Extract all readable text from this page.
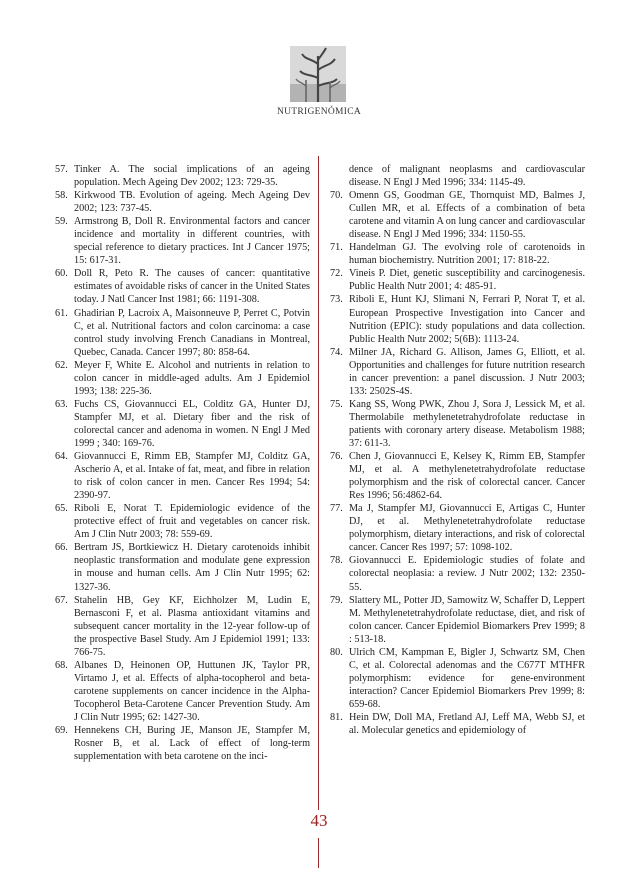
NUTRIGENÓMICA
57. Tinker A. The social implications of an ageing population. Mech Ageing Dev 2002; 123: 729-35.
58. Kirkwood TB. Evolution of ageing. Mech Ageing Dev 2002; 123: 737-45.
59. Armstrong B, Doll R. Environmental factors and cancer incidence and mortality in different countries, with special reference to dietary practices. Int J Cancer 1975; 15: 617-31.
60. Doll R, Peto R. The causes of cancer: quantitative estimates of avoidable risks of cancer in the United States today. J Natl Cancer Inst 1981; 66: 1191-308.
61. Ghadirian P, Lacroix A, Maisonneuve P, Perret C, Potvin C, et al. Nutritional factors and colon carcinoma: a case control study involving French Canadians in Montreal, Quebec, Canada. Cancer 1997; 80: 858-64.
62. Meyer F, White E. Alcohol and nutrients in relation to colon cancer in middle-aged adults. Am J Epidemiol 1993; 138: 225-36.
63. Fuchs CS, Giovannucci EL, Colditz GA, Hunter DJ, Stampfer MJ, et al. Dietary fiber and the risk of colorectal cancer and adenoma in women. N Engl J Med 1999 ; 340: 169-76.
64. Giovannucci E, Rimm EB, Stampfer MJ, Colditz GA, Ascherio A, et al. Intake of fat, meat, and fibre in relation to risk of colon cancer in men. Cancer Res 1994; 54: 2390-97.
65. Riboli E, Norat T. Epidemiologic evidence of the protective effect of fruit and vegetables on cancer risk. Am J Clin Nutr 2003; 78: 559-69.
66. Bertram JS, Bortkiewicz H. Dietary carotenoids inhibit neoplastic transformation and modulate gene expression in mouse and human cells. Am J Clin Nutr 1995; 62: 1327-36.
67. Stahelin HB, Gey KF, Eichholzer M, Ludin E, Bernasconi F, et al. Plasma antioxidant vitamins and subsequent cancer mortality in the 12-year follow-up of the prospective Basel Study. Am J Epidemiol 1991; 133: 766-75.
68. Albanes D, Heinonen OP, Huttunen JK, Taylor PR, Virtamo J, et al. Effects of alpha-tocopherol and beta-carotene supplements on cancer incidence in the Alpha-Tocopherol Beta-Carotene Cancer Prevention Study. Am J Clin Nutr 1995; 62: 1427-30.
69. Hennekens CH, Buring JE, Manson JE, Stampfer M, Rosner B, et al. Lack of effect of long-term supplementation with beta carotene on the inci-
dence of malignant neoplasms and cardiovascular disease. N Engl J Med 1996; 334: 1145-49.
70. Omenn GS, Goodman GE, Thornquist MD, Balmes J, Cullen MR, et al. Effects of a combination of beta carotene and vitamin A on lung cancer and cardiovascular disease. N Engl J Med 1996; 334: 1150-55.
71. Handelman GJ. The evolving role of carotenoids in human biochemistry. Nutrition 2001; 17: 818-22.
72. Vineis P. Diet, genetic susceptibility and carcinogenesis. Public Health Nutr 2001; 4: 485-91.
73. Riboli E, Hunt KJ, Slimani N, Ferrari P, Norat T, et al. European Prospective Investigation into Cancer and Nutrition (EPIC): study populations and data collection. Public Health Nutr 2002; 5(6B): 1113-24.
74. Milner JA, Richard G. Allison, James G, Elliott, et al. Opportunities and challenges for future nutrition research in cancer prevention: a panel discussion. J Nutr 2003; 133: 2502S-4S.
75. Kang SS, Wong PWK, Zhou J, Sora J, Lessick M, et al. Thermolabile methylenetetrahydrofolate reductase in patients with coronary artery disease. Metabolism 1988; 37: 611-3.
76. Chen J, Giovannucci E, Kelsey K, Rimm EB, Stampfer MJ, et al. A methylenetetrahydrofolate reductase polymorphism and the risk of colorectal cancer. Cancer Res 1996; 56:4862-64.
77. Ma J, Stampfer MJ, Giovannucci E, Artigas C, Hunter DJ, et al. Methylenetetrahydrofolate reductase polymorphism, dietary interactions, and risk of colorectal cancer. Cancer Res 1997; 57: 1098-102.
78. Giovannucci E. Epidemiologic studies of folate and colorectal neoplasia: a review. J Nutr 2002; 132: 2350-55.
79. Slattery ML, Potter JD, Samowitz W, Schaffer D, Leppert M. Methylenetetrahydrofolate reductase, diet, and risk of colon cancer. Cancer Epidemiol Biomarkers Prev 1999; 8 : 513-18.
80. Ulrich CM, Kampman E, Bigler J, Schwartz SM, Chen C, et al. Colorectal adenomas and the C677T MTHFR polymorphism: evidence for gene-environment interaction? Cancer Epidemiol Biomarkers Prev 1999; 8: 659-68.
81. Hein DW, Doll MA, Fretland AJ, Leff MA, Webb SJ, et al. Molecular genetics and epidemiology of
43
